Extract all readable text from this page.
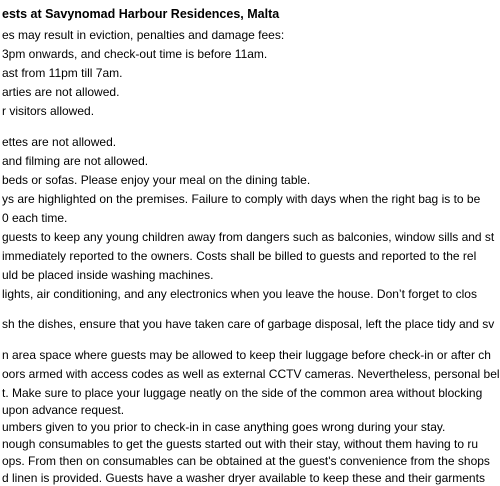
ests at Savynomad Harbour Residences, Malta
es may result in eviction, penalties and damage fees:
3pm onwards, and check-out time is before 11am.
ast from 11pm till 7am.
arties are not allowed.
r visitors allowed.
ettes are not allowed.
and filming are not allowed.
beds or sofas. Please enjoy your meal on the dining table.
ys are highlighted on the premises. Failure to comply with days when the right bag is to be
0 each time.
guests to keep any young children away from dangers such as balconies, window sills and st
immediately reported to the owners. Costs shall be billed to guests and reported to the rel
uld be placed inside washing machines.
lights, air conditioning, and any electronics when you leave the house. Don’t forget to clos
sh the dishes, ensure that you have taken care of garbage disposal, left the place tidy and sv
n area space where guests may be allowed to keep their luggage before check-in or after ch
oors armed with access codes as well as external CCTV cameras. Nevertheless, personal bel
t. Make sure to place your luggage neatly on the side of the common area without blocking
upon advance request.
umbers given to you prior to check-in in case anything goes wrong during your stay.
nough consumables to get the guests started out with their stay, without them having to ru
ops. From then on consumables can be obtained at the guest's convenience from the shops
d linen is provided. Guests have a washer dryer available to keep these and their garments
